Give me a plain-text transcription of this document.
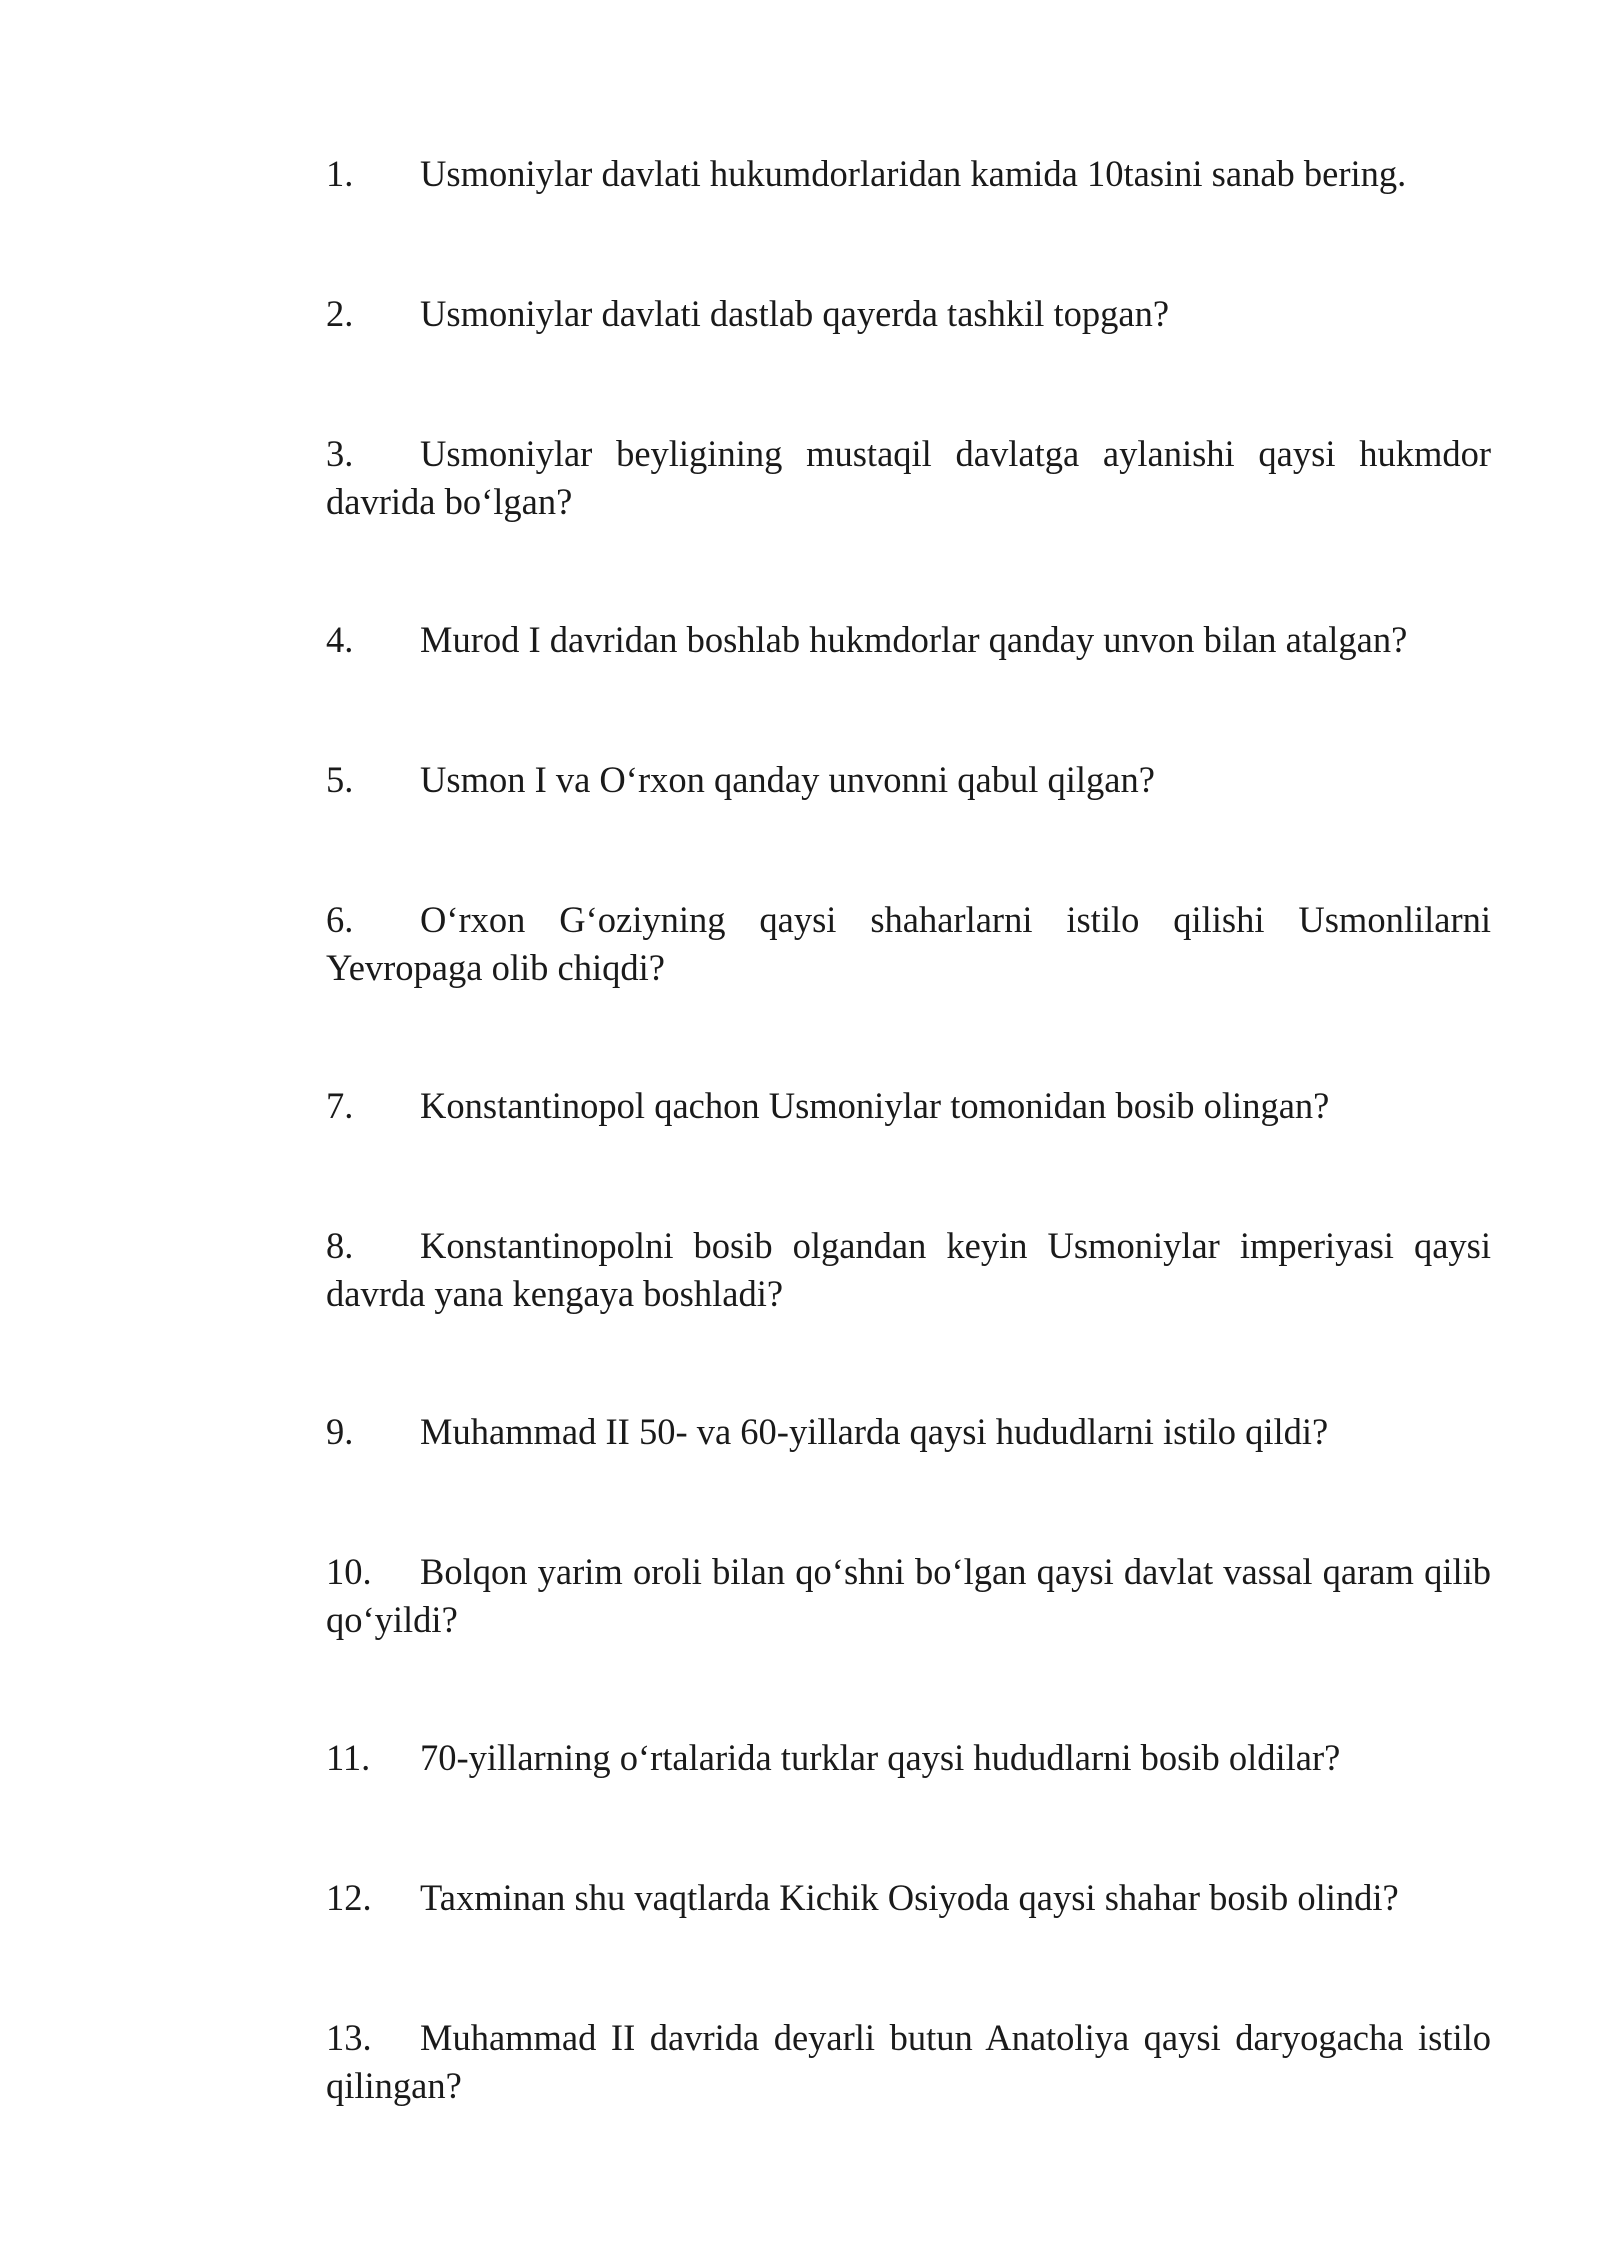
1. Usmoniylar davlati hukumdorlaridan kamida 10tasini sanab bering.
2. Usmoniylar davlati dastlab qayerda tashkil topgan?
3. Usmoniylar beyligining mustaqil davlatga aylanishi qaysi hukmdor davrida bo‘lgan?
4. Murod I davridan boshlab hukmdorlar qanday unvon bilan atalgan?
5. Usmon I va O‘rxon qanday unvonni qabul qilgan?
6. O‘rxon G‘oziyning qaysi shaharlarni istilo qilishi Usmonlilarni Yevropaga olib chiqdi?
7. Konstantinopol qachon Usmoniylar tomonidan bosib olingan?
8. Konstantinopolni bosib olgandan keyin Usmoniylar imperiyasi qaysi davrda yana kengaya boshladi?
9. Muhammad II 50- va 60-yillarda qaysi hududlarni istilo qildi?
10. Bolqon yarim oroli bilan qo‘shni bo‘lgan qaysi davlat vassal qaram qilib qo‘yildi?
11. 70-yillarning o‘rtalarida turklar qaysi hududlarni bosib oldilar?
12. Taxminan shu vaqtlarda Kichik Osiyoda qaysi shahar bosib olindi?
13. Muhammad II davrida deyarli butun Anatoliya qaysi daryogacha istilo qilingan?
